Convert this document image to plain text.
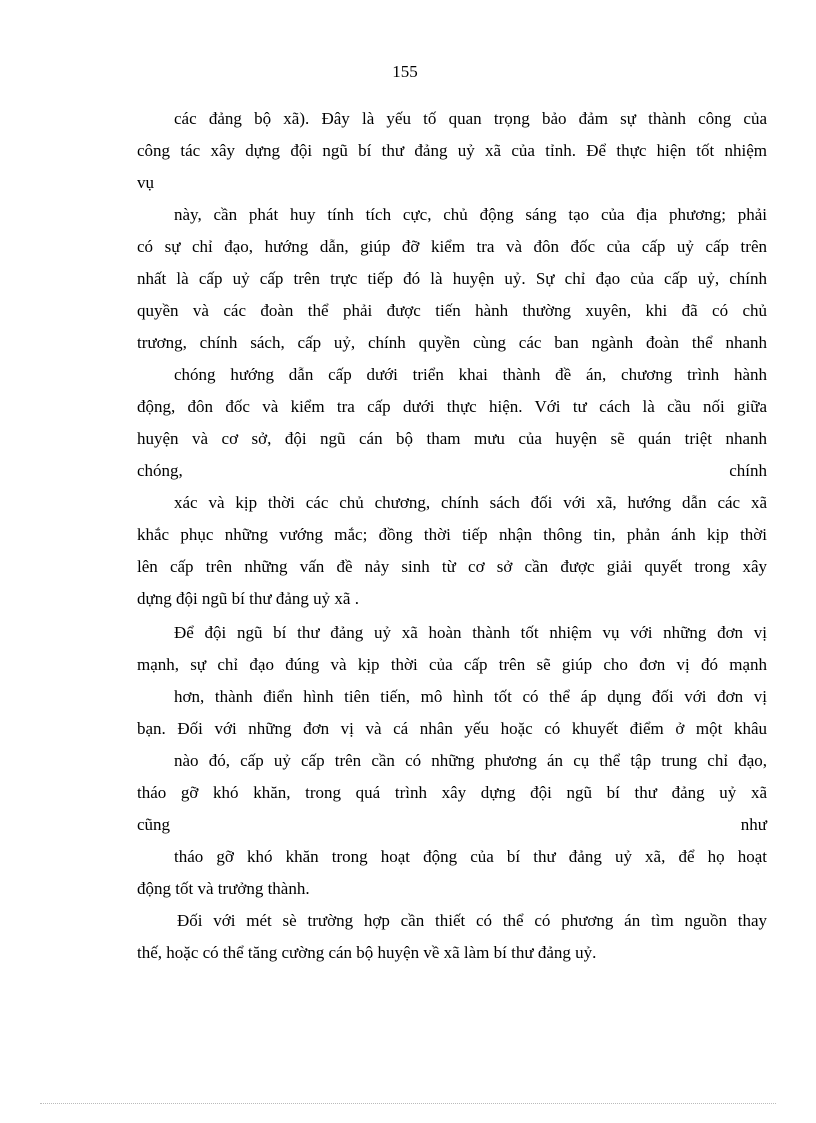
155
các đảng bộ xã). Đây là yếu tố quan trọng bảo đảm sự thành công của
công tác xây dựng đội ngũ bí thư đảng uỷ xã của tỉnh. Để thực hiện tốt nhiệm
vụ
này, cần phát huy tính tích cực, chủ động sáng tạo của địa phương; phải
có sự chỉ đạo, hướng dẫn, giúp đỡ kiểm tra và đôn đốc của cấp uỷ cấp trên
nhất là cấp uỷ cấp trên trực tiếp đó là huyện uỷ. Sự chỉ đạo của cấp uỷ, chính
quyền và các đoàn thể phải được tiến hành thường xuyên, khi đã có chủ
trương, chính sách, cấp uỷ, chính quyền cùng các ban ngành đoàn thể nhanh
chóng hướng dẫn cấp dưới triển khai thành đề án, chương trình hành
động, đôn đốc và kiểm tra cấp dưới thực hiện. Với tư cách là cầu nối giữa
huyện và cơ sở, đội ngũ cán bộ tham mưu của huyện sẽ quán triệt nhanh
chóng, chính
xác và kịp thời các chủ chương, chính sách đối với xã, hướng dẫn các xã
khắc phục những vướng mắc; đồng thời tiếp nhận thông tin, phản ánh kịp thời
lên cấp trên những vấn đề nảy sinh từ cơ sở cần được giải quyết trong xây
dựng đội ngũ bí thư đảng uỷ xã .
Để đội ngũ bí thư đảng uỷ xã hoàn thành tốt nhiệm vụ với những đơn vị
mạnh, sự chỉ đạo đúng và kịp thời của cấp trên sẽ giúp cho đơn vị đó mạnh
hơn, thành điển hình tiên tiến, mô hình tốt có thể áp dụng đối với đơn vị
bạn. Đối với những đơn vị và cá nhân yếu hoặc có khuyết điểm ở một khâu
nào đó, cấp uỷ cấp trên cần có những phương án cụ thể tập trung chỉ đạo,
tháo gỡ khó khăn, trong quá trình xây dựng đội ngũ bí thư đảng uỷ xã
cũng như
tháo gỡ khó khăn trong hoạt động của bí thư đảng uỷ xã, để họ hoạt
động tốt và trưởng thành.
Đối với mét sè trường hợp cần thiết có thể có phương án tìm nguồn thay
thế, hoặc có thể tăng cường cán bộ huyện về xã làm bí thư đảng uỷ.
